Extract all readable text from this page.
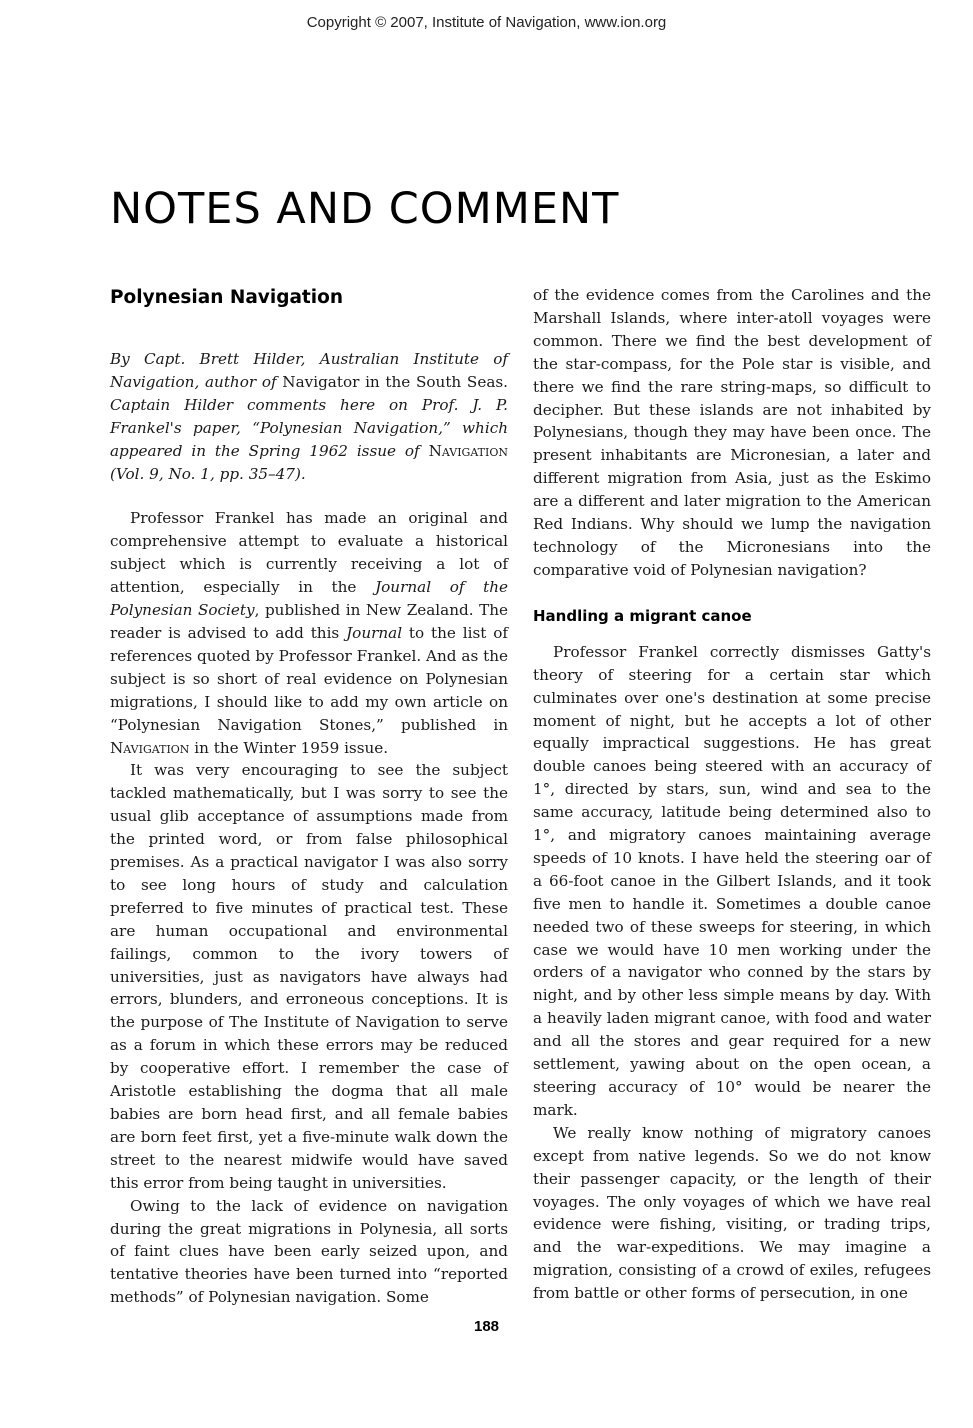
Copyright © 2007, Institute of Navigation, www.ion.org
NOTES AND COMMENT
Polynesian Navigation

By Capt. Brett Hilder, Australian Institute of Navigation, author of Navigator in the South Seas. Captain Hilder comments here on Prof. J. P. Frankel's paper, “Polynesian Navigation,” which appeared in the Spring 1962 issue of Navigation (Vol. 9, No. 1, pp. 35–47).

Professor Frankel has made an original and comprehensive attempt to evaluate a historical subject which is currently receiving a lot of attention, especially in the Journal of the Polynesian Society, published in New Zealand. The reader is advised to add this Journal to the list of references quoted by Professor Frankel. And as the subject is so short of real evidence on Polynesian migrations, I should like to add my own article on “Polynesian Navigation Stones,” published in Navigation in the Winter 1959 issue.

It was very encouraging to see the subject tackled mathematically, but I was sorry to see the usual glib acceptance of assumptions made from the printed word, or from false philosophical premises. As a practical navigator I was also sorry to see long hours of study and calculation preferred to five minutes of practical test. These are human occupational and environmental failings, common to the ivory towers of universities, just as navigators have always had errors, blunders, and erroneous conceptions. It is the purpose of The Institute of Navigation to serve as a forum in which these errors may be reduced by cooperative effort. I remember the case of Aristotle establishing the dogma that all male babies are born head first, and all female babies are born feet first, yet a five-minute walk down the street to the nearest midwife would have saved this error from being taught in universities.

Owing to the lack of evidence on navigation during the great migrations in Polynesia, all sorts of faint clues have been early seized upon, and tentative theories have been turned into “reported methods” of Polynesian navigation. Some

of the evidence comes from the Carolines and the Marshall Islands, where inter-atoll voyages were common. There we find the best development of the star-compass, for the Pole star is visible, and there we find the rare string-maps, so difficult to decipher. But these islands are not inhabited by Polynesians, though they may have been once. The present inhabitants are Micronesian, a later and different migration from Asia, just as the Eskimo are a different and later migration to the American Red Indians. Why should we lump the navigation technology of the Micronesians into the comparative void of Polynesian navigation?

Handling a migrant canoe

Professor Frankel correctly dismisses Gatty's theory of steering for a certain star which culminates over one's destination at some precise moment of night, but he accepts a lot of other equally impractical suggestions. He has great double canoes being steered with an accuracy of 1°, directed by stars, sun, wind and sea to the same accuracy, latitude being determined also to 1°, and migratory canoes maintaining average speeds of 10 knots. I have held the steering oar of a 66-foot canoe in the Gilbert Islands, and it took five men to handle it. Sometimes a double canoe needed two of these sweeps for steering, in which case we would have 10 men working under the orders of a navigator who conned by the stars by night, and by other less simple means by day. With a heavily laden migrant canoe, with food and water and all the stores and gear required for a new settlement, yawing about on the open ocean, a steering accuracy of 10° would be nearer the mark.

We really know nothing of migratory canoes except from native legends. So we do not know their passenger capacity, or the length of their voyages. The only voyages of which we have real evidence were fishing, visiting, or trading trips, and the war-expeditions. We may imagine a migration, consisting of a crowd of exiles, refugees from battle or other forms of persecution, in one

188
